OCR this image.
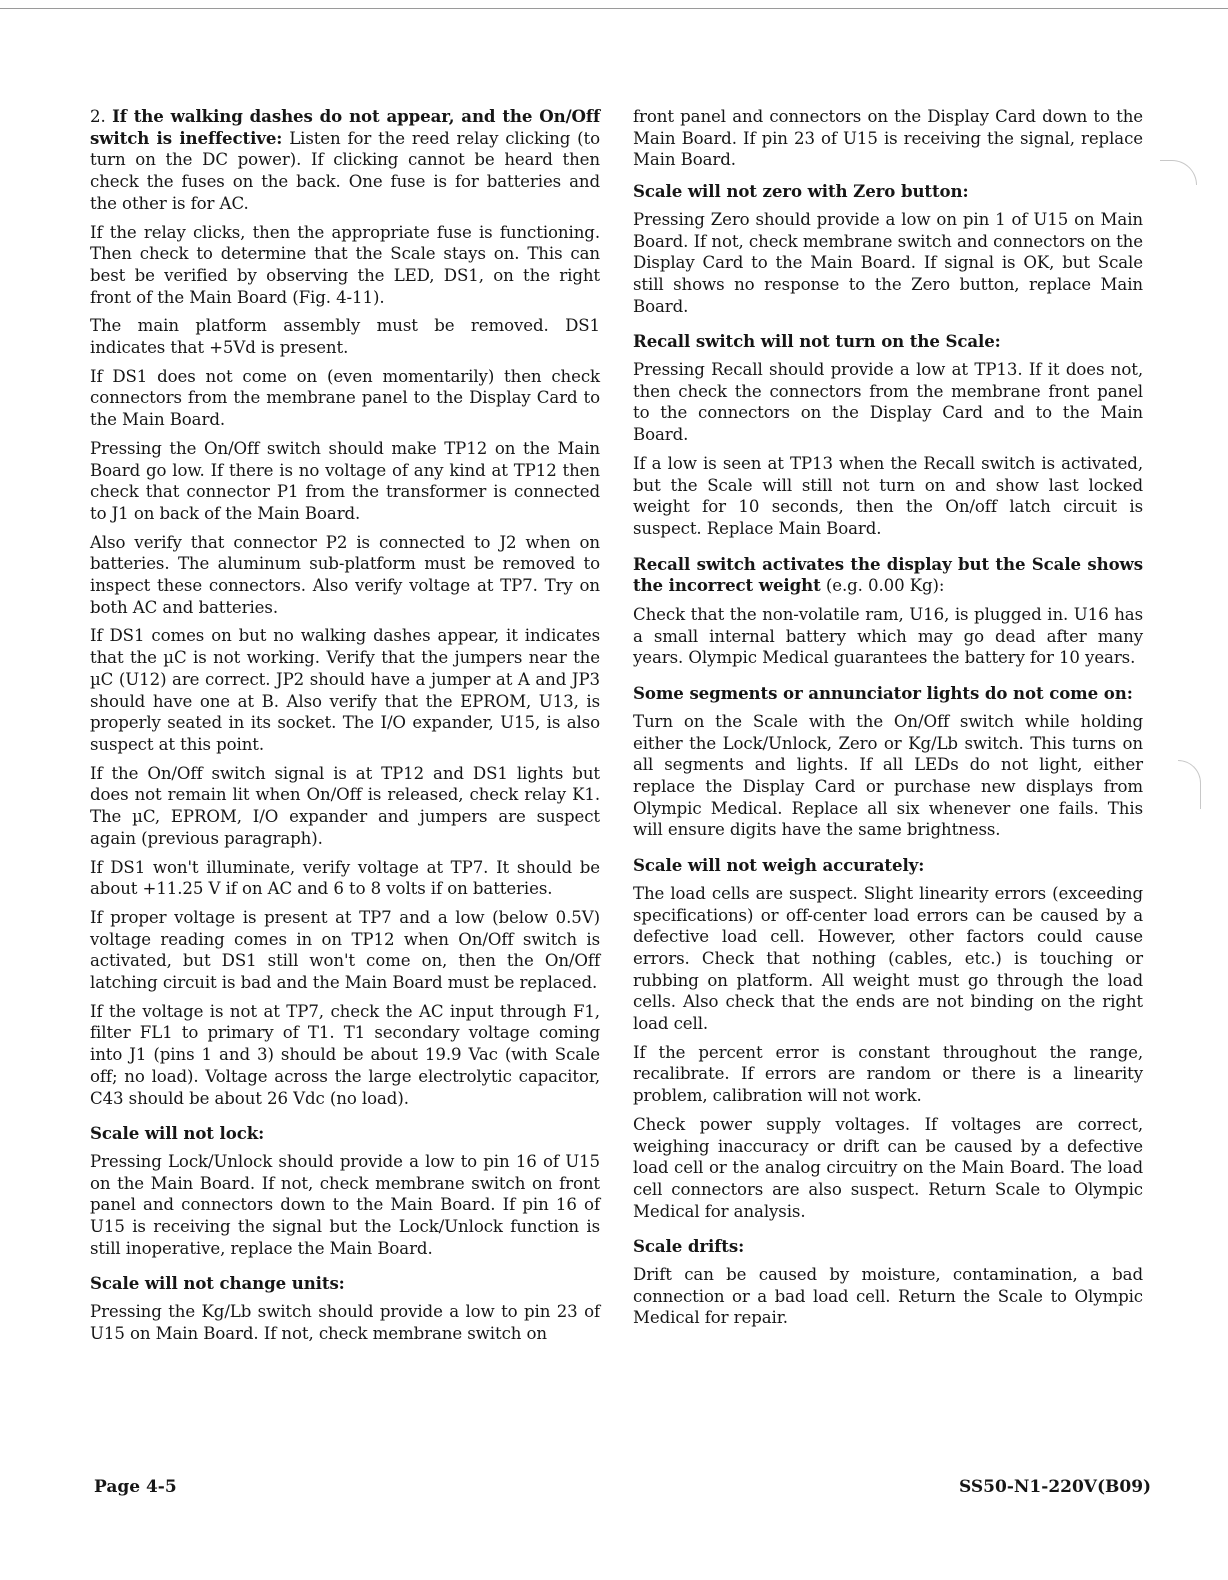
2. If the walking dashes do not appear, and the On/Off switch is ineffective: Listen for the reed relay clicking (to turn on the DC power). If clicking cannot be heard then check the fuses on the back. One fuse is for batteries and the other is for AC.

If the relay clicks, then the appropriate fuse is functioning. Then check to determine that the Scale stays on. This can best be verified by observing the LED, DS1, on the right front of the Main Board (Fig. 4-11).

The main platform assembly must be removed. DS1 indicates that +5Vd is present.

If DS1 does not come on (even momentarily) then check connectors from the membrane panel to the Display Card to the Main Board.

Pressing the On/Off switch should make TP12 on the Main Board go low. If there is no voltage of any kind at TP12 then check that connector P1 from the transformer is connected to J1 on back of the Main Board.

Also verify that connector P2 is connected to J2 when on batteries. The aluminum sub-platform must be removed to inspect these connectors. Also verify voltage at TP7. Try on both AC and batteries.

If DS1 comes on but no walking dashes appear, it indicates that the µC is not working. Verify that the jumpers near the µC (U12) are correct. JP2 should have a jumper at A and JP3 should have one at B. Also verify that the EPROM, U13, is properly seated in its socket. The I/O expander, U15, is also suspect at this point.

If the On/Off switch signal is at TP12 and DS1 lights but does not remain lit when On/Off is released, check relay K1. The µC, EPROM, I/O expander and jumpers are suspect again (previous paragraph).

If DS1 won't illuminate, verify voltage at TP7. It should be about +11.25 V if on AC and 6 to 8 volts if on batteries.

If proper voltage is present at TP7 and a low (below 0.5V) voltage reading comes in on TP12 when On/Off switch is activated, but DS1 still won't come on, then the On/Off latching circuit is bad and the Main Board must be replaced.

If the voltage is not at TP7, check the AC input through F1, filter FL1 to primary of T1. T1 secondary voltage coming into J1 (pins 1 and 3) should be about 19.9 Vac (with Scale off; no load). Voltage across the large electrolytic capacitor, C43 should be about 26 Vdc (no load).

Scale will not lock:

Pressing Lock/Unlock should provide a low to pin 16 of U15 on the Main Board. If not, check membrane switch on front panel and connectors down to the Main Board. If pin 16 of U15 is receiving the signal but the Lock/Unlock function is still inoperative, replace the Main Board.

Scale will not change units:

Pressing the Kg/Lb switch should provide a low to pin 23 of U15 on Main Board. If not, check membrane switch on

front panel and connectors on the Display Card down to the Main Board. If pin 23 of U15 is receiving the signal, replace Main Board.

Scale will not zero with Zero button:

Pressing Zero should provide a low on pin 1 of U15 on Main Board. If not, check membrane switch and connectors on the Display Card to the Main Board. If signal is OK, but Scale still shows no response to the Zero button, replace Main Board.

Recall switch will not turn on the Scale:

Pressing Recall should provide a low at TP13. If it does not, then check the connectors from the membrane front panel to the connectors on the Display Card and to the Main Board.

If a low is seen at TP13 when the Recall switch is activated, but the Scale will still not turn on and show last locked weight for 10 seconds, then the On/off latch circuit is suspect. Replace Main Board.

Recall switch activates the display but the Scale shows the incorrect weight (e.g. 0.00 Kg):

Check that the non-volatile ram, U16, is plugged in. U16 has a small internal battery which may go dead after many years. Olympic Medical guarantees the battery for 10 years.

Some segments or annunciator lights do not come on:

Turn on the Scale with the On/Off switch while holding either the Lock/Unlock, Zero or Kg/Lb switch. This turns on all segments and lights. If all LEDs do not light, either replace the Display Card or purchase new displays from Olympic Medical. Replace all six whenever one fails. This will ensure digits have the same brightness.

Scale will not weigh accurately:

The load cells are suspect. Slight linearity errors (exceeding specifications) or off-center load errors can be caused by a defective load cell. However, other factors could cause errors. Check that nothing (cables, etc.) is touching or rubbing on platform. All weight must go through the load cells. Also check that the ends are not binding on the right load cell.

If the percent error is constant throughout the range, recalibrate. If errors are random or there is a linearity problem, calibration will not work.

Check power supply voltages. If voltages are correct, weighing inaccuracy or drift can be caused by a defective load cell or the analog circuitry on the Main Board. The load cell connectors are also suspect. Return Scale to Olympic Medical for analysis.

Scale drifts:

Drift can be caused by moisture, contamination, a bad connection or a bad load cell. Return the Scale to Olympic Medical for repair.

Page 4-5	SS50-N1-220V(B09)
